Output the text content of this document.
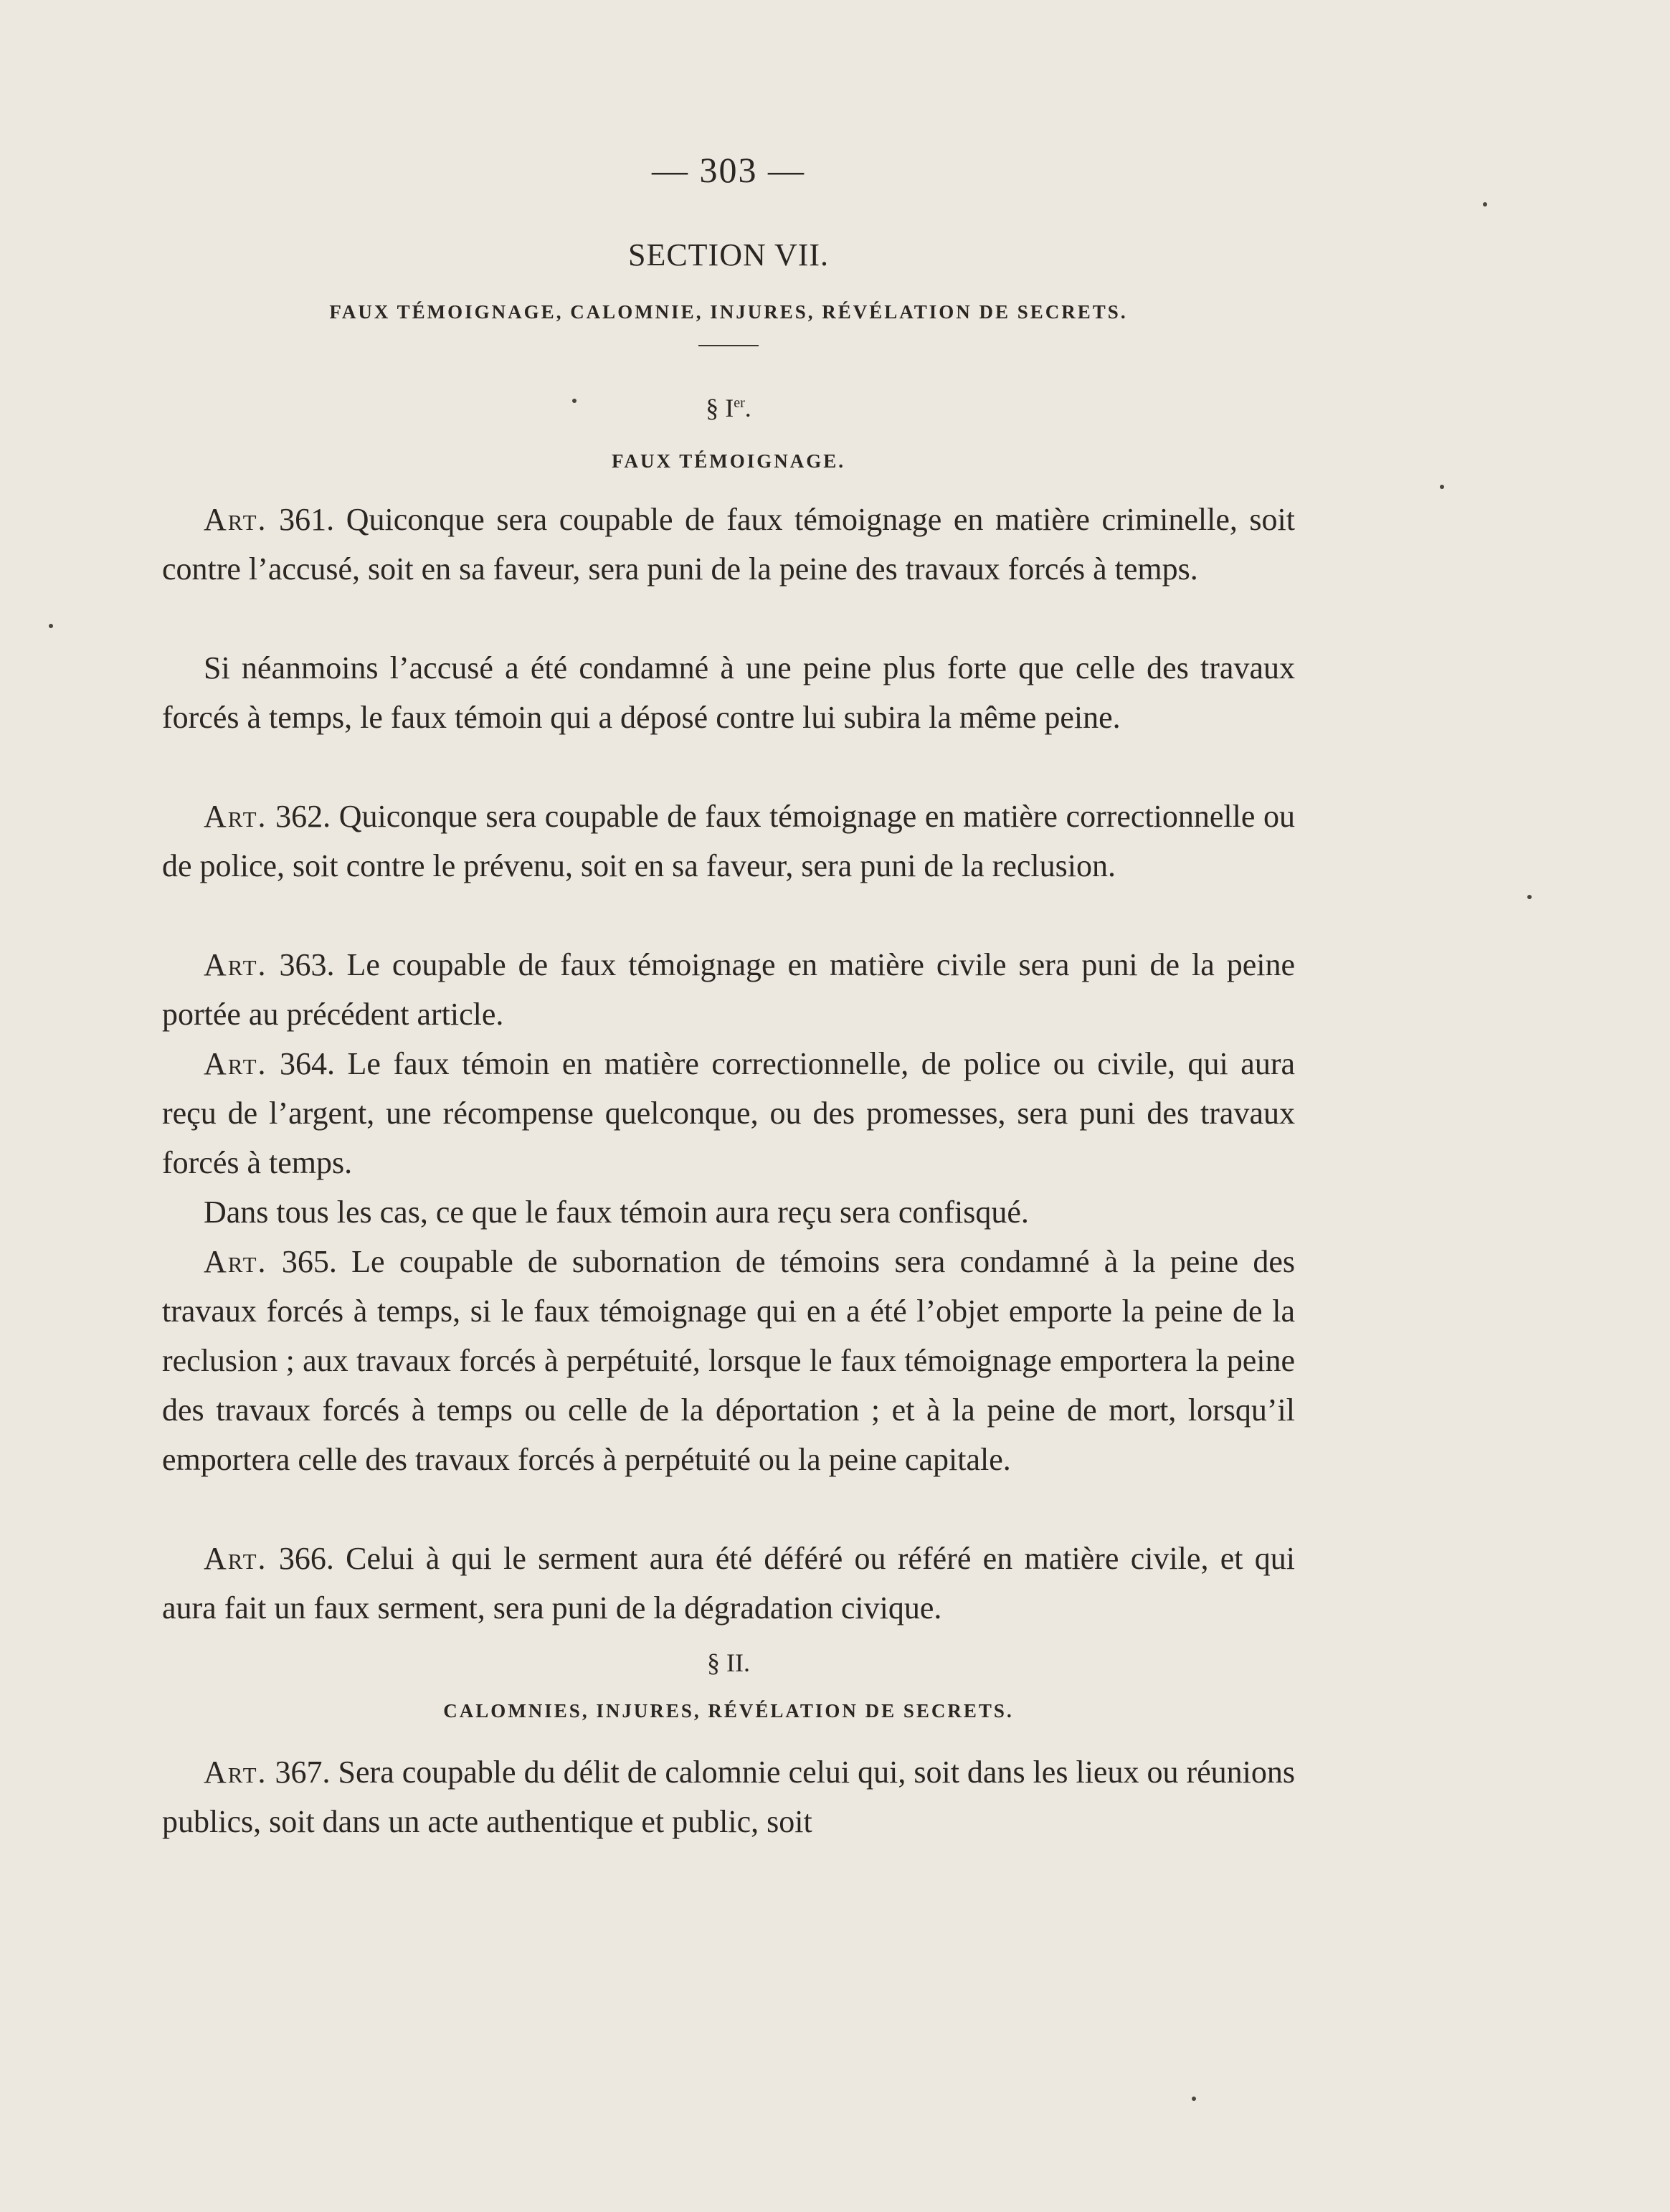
— 303 —
SECTION VII.
FAUX TÉMOIGNAGE, CALOMNIE, INJURES, RÉVÉLATION DE SECRETS.
§ Ier.
FAUX TÉMOIGNAGE.

Art. 361. Quiconque sera coupable de faux témoignage en matière criminelle, soit contre l’accusé, soit en sa faveur, sera puni de la peine des travaux forcés à temps.

Si néanmoins l’accusé a été condamné à une peine plus forte que celle des travaux forcés à temps, le faux témoin qui a déposé contre lui subira la même peine.

Art. 362. Quiconque sera coupable de faux témoignage en matière correctionnelle ou de police, soit contre le prévenu, soit en sa faveur, sera puni de la reclusion.

Art. 363. Le coupable de faux témoignage en matière civile sera puni de la peine portée au précédent article.

Art. 364. Le faux témoin en matière correctionnelle, de police ou civile, qui aura reçu de l’argent, une récompense quelconque, ou des promesses, sera puni des travaux forcés à temps.

Dans tous les cas, ce que le faux témoin aura reçu sera confisqué.

Art. 365. Le coupable de subornation de témoins sera condamné à la peine des travaux forcés à temps, si le faux témoignage qui en a été l’objet emporte la peine de la reclusion ; aux travaux forcés à perpétuité, lorsque le faux témoignage emportera la peine des travaux forcés à temps ou celle de la déportation ; et à la peine de mort, lorsqu’il emportera celle des travaux forcés à perpétuité ou la peine capitale.

Art. 366. Celui à qui le serment aura été déféré ou référé en matière civile, et qui aura fait un faux serment, sera puni de la dégradation civique.

§ II.
CALOMNIES, INJURES, RÉVÉLATION DE SECRETS.

Art. 367. Sera coupable du délit de calomnie celui qui, soit dans les lieux ou réunions publics, soit dans un acte authentique et public, soit
